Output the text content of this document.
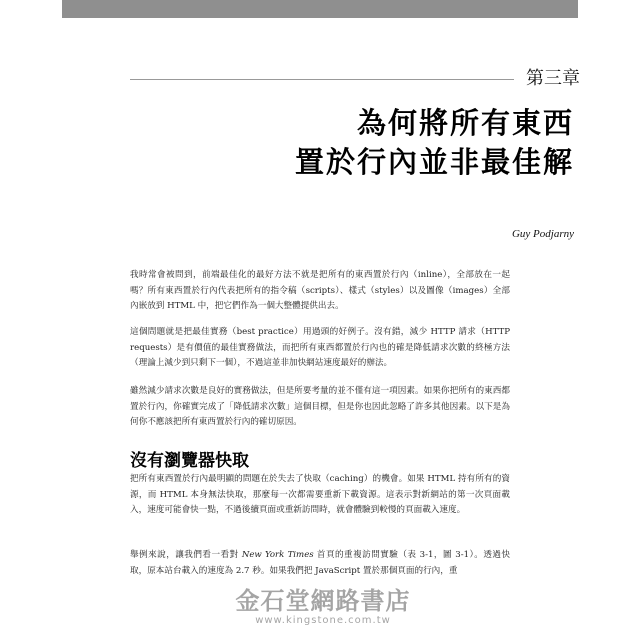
第三章
為何將所有東西
置於行內並非最佳解
Guy Podjarny

我時常會被問到，前端最佳化的最好方法不就是把所有的東西置於行內（inline），全部放在一起嗎？所有東西置於行內代表把所有的指令稿（scripts）、樣式（styles）以及圖像（images）全部內嵌放到 HTML 中，把它們作為一個大整體提供出去。

這個問題就是把最佳實務（best practice）用過頭的好例子。沒有錯，減少 HTTP 請求（HTTP requests）是有價值的最佳實務做法，而把所有東西都置於行內也的確是降低請求次數的終極方法（理論上減少到只剩下一個），不過這並非加快網站速度最好的辦法。

雖然減少請求次數是良好的實務做法，但是所要考量的並不僅有這一項因素。如果你把所有的東西都置於行內，你確實完成了「降低請求次數」這個目標，但是你也因此忽略了許多其他因素。以下是為何你不應該把所有東西置於行內的確切原因。

沒有瀏覽器快取

把所有東西置於行內最明顯的問題在於失去了快取（caching）的機會。如果 HTML 持有所有的資源，而 HTML 本身無法快取，那麼每一次都需要重新下載資源。這表示對新網站的第一次頁面載入，速度可能會快一點，不過後續頁面或重新訪問時，就會體驗到較慢的頁面載入速度。

舉例來說，讓我們看一看對 New York Times 首頁的重複訪問實驗（表 3-1，圖 3-1）。透過快取，原本站台載入的速度為 2.7 秒。如果我們把 JavaScript 置於那個頁面的行內，重

金石堂網路書店
www.kingstone.com.tw
